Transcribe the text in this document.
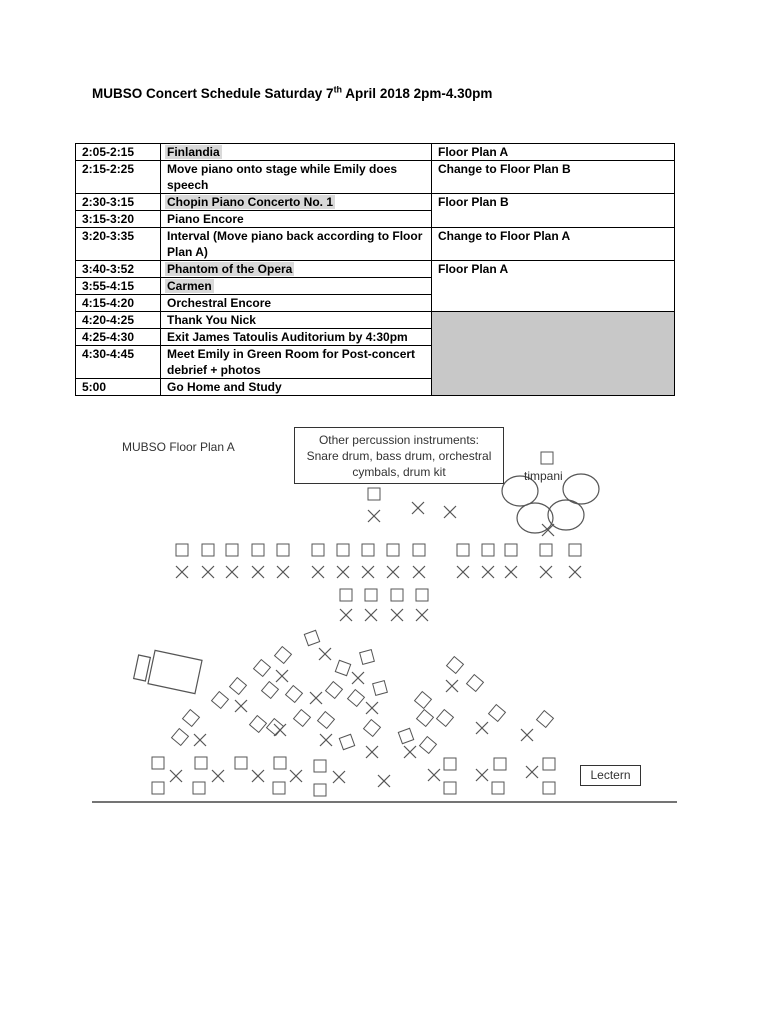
MUBSO Concert Schedule Saturday 7th April 2018 2pm-4.30pm
2:05-2:15	Finlandia	Floor Plan A
2:15-2:25	Move piano onto stage while Emily does speech	Change to Floor Plan B
2:30-3:15	Chopin Piano Concerto No. 1	Floor Plan B
3:15-3:20	Piano Encore	
3:20-3:35	Interval (Move piano back according to Floor Plan A)	Change to Floor Plan A
3:40-3:52	Phantom of the Opera	Floor Plan A
3:55-4:15	Carmen	
4:15-4:20	Orchestral Encore	
4:20-4:25	Thank You Nick	
4:25-4:30	Exit James Tatoulis Auditorium by 4:30pm	
4:30-4:45	Meet Emily in Green Room for Post-concert debrief + photos	
5:00	Go Home and Study	
MUBSO Floor Plan A	Other percussion instruments:
Snare drum, bass drum, orchestral
cymbals, drum kit	timpani
Lectern
